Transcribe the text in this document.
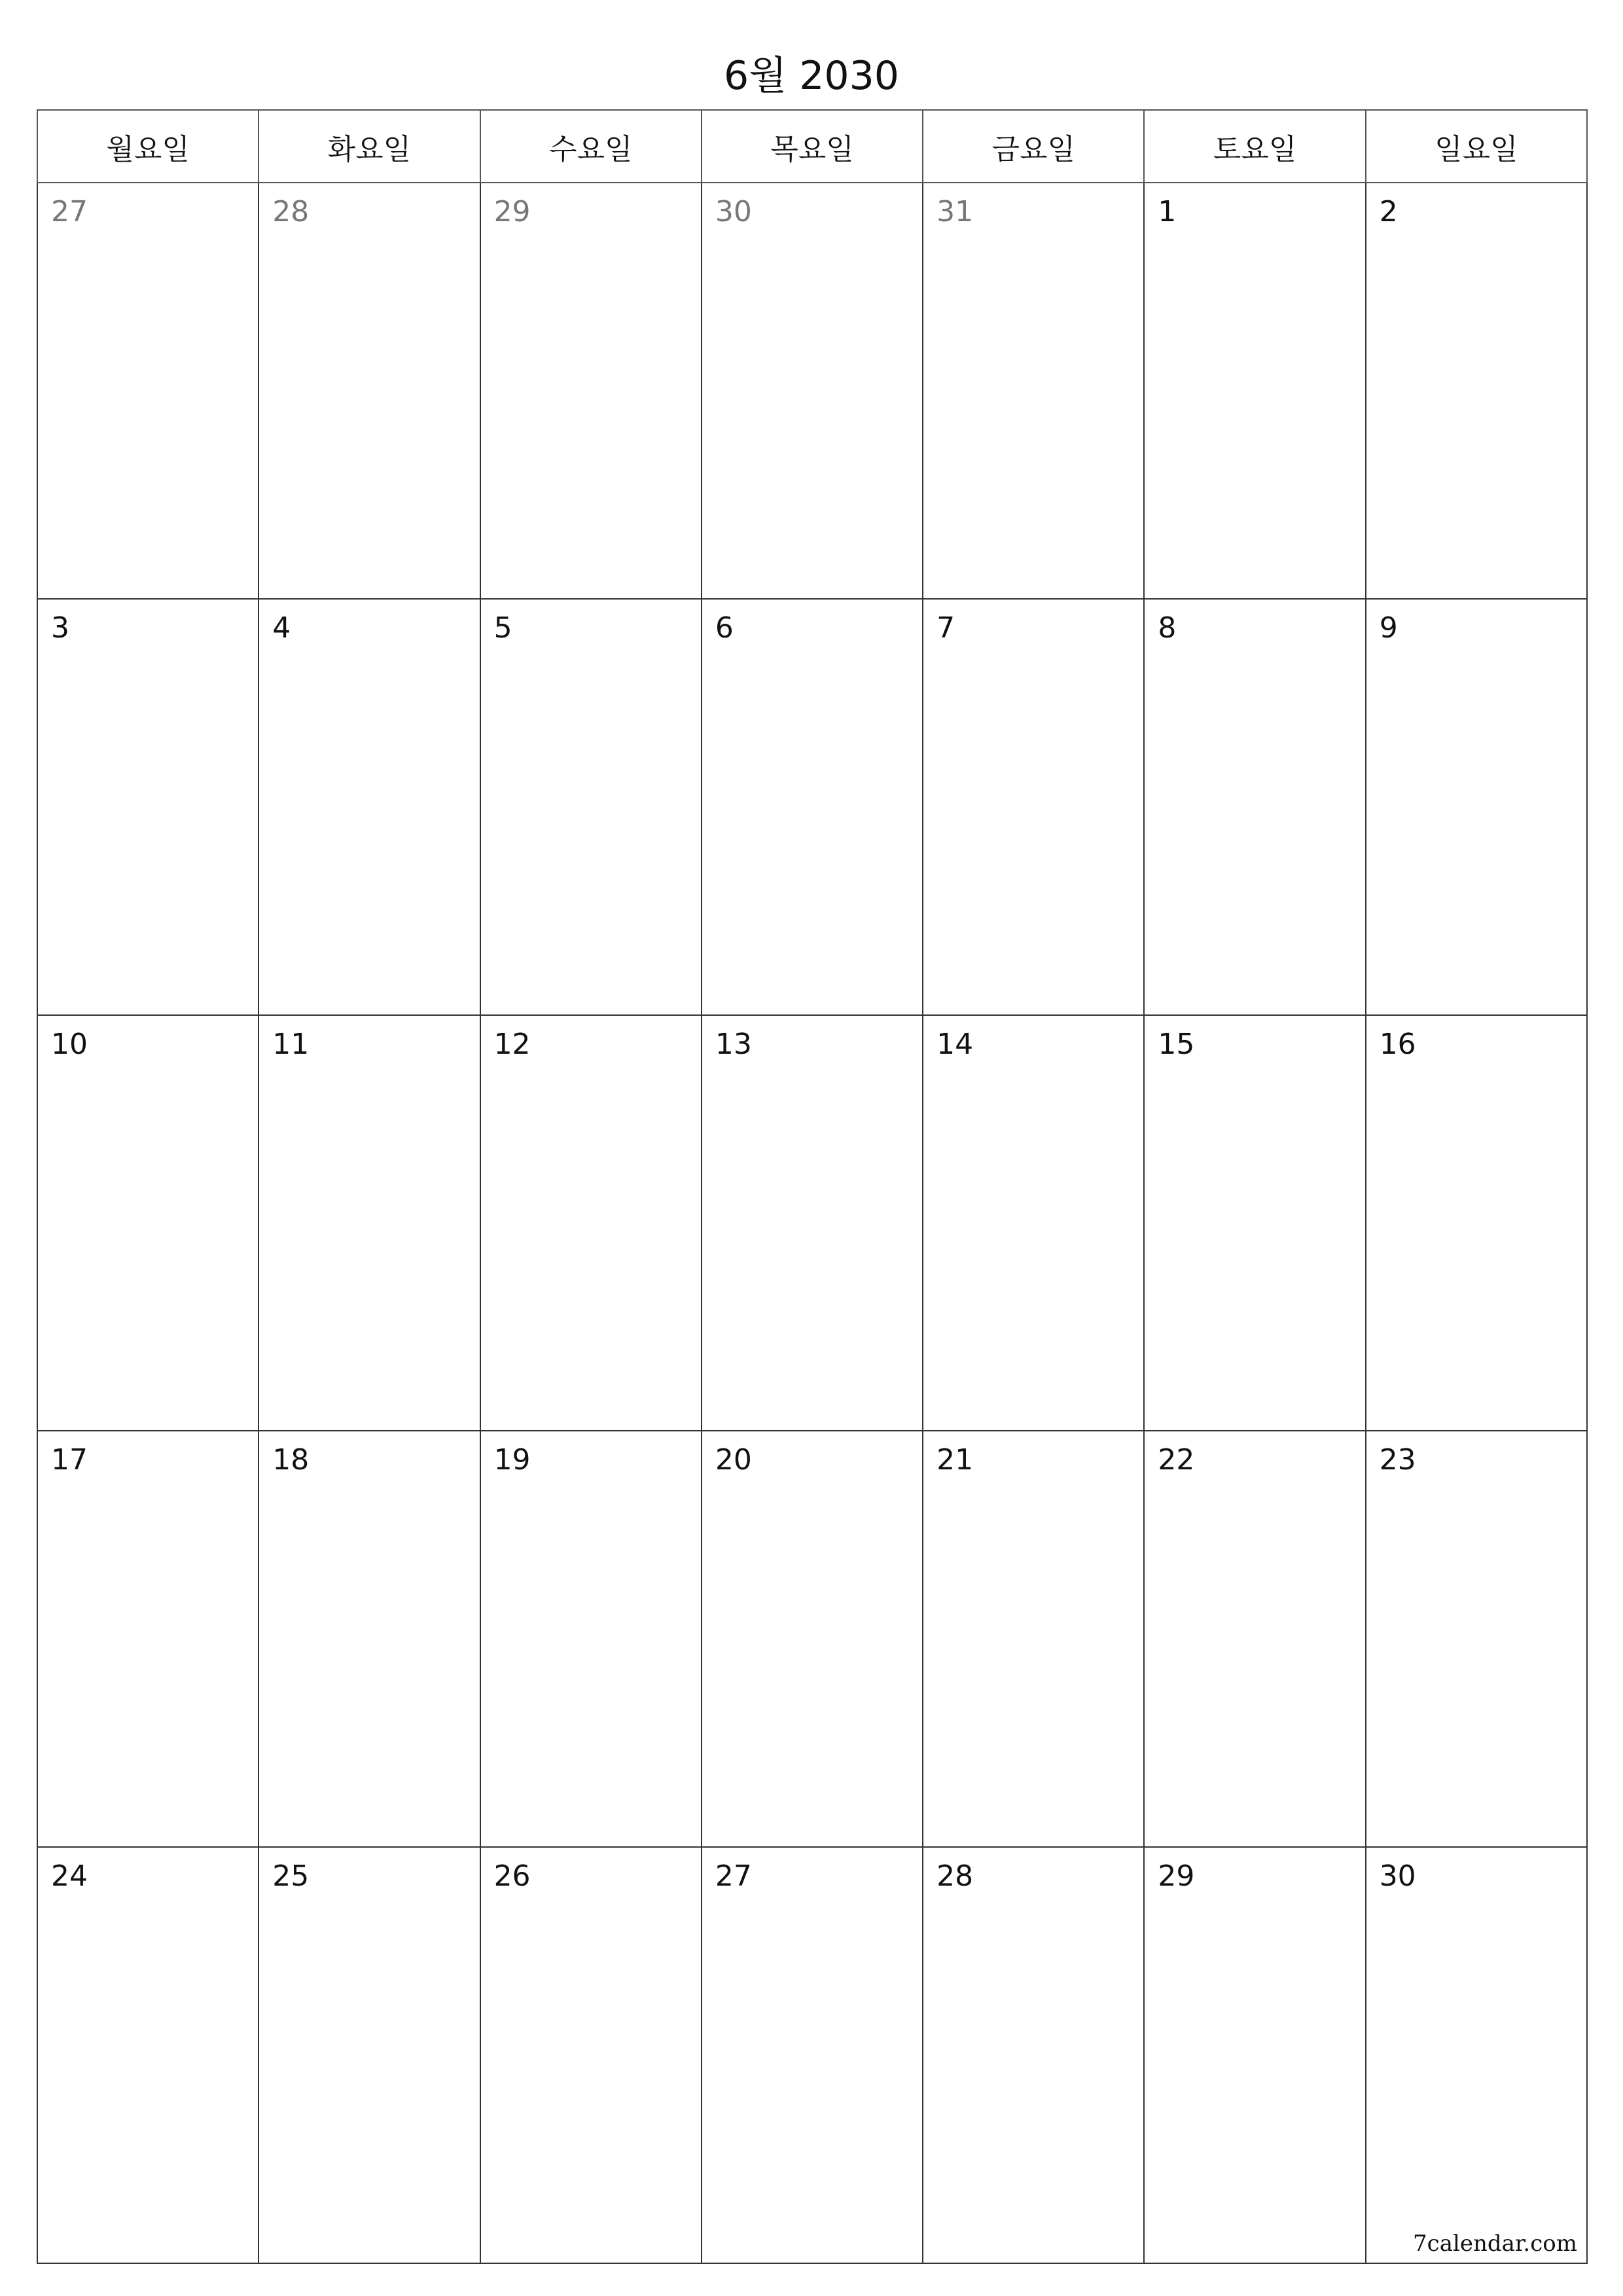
6월 2030
월요일	화요일	수요일	목요일	금요일	토요일	일요일

27	28	29	30	31	1	2

3	4	5	6	7	8	9

10	11	12	13	14	15	16

17	18	19	20	21	22	23

24	25	26	27	28	29	30
7calendar.com
